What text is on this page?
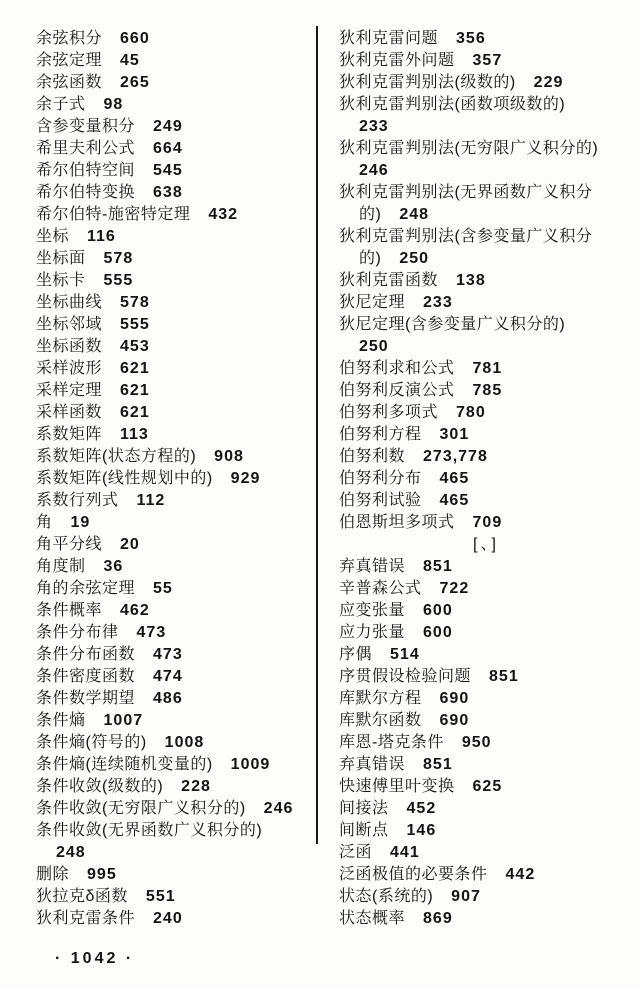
余弦积分 660
余弦定理 45
余弦函数 265
余子式 98
含参变量积分 249
希里夫利公式 664
希尔伯特空间 545
希尔伯特变换 638
希尔伯特-施密特定理 432
坐标 116
坐标面 578
坐标卡 555
坐标曲线 578
坐标邻域 555
坐标函数 453
采样波形 621
采样定理 621
采样函数 621
系数矩阵 113
系数矩阵(状态方程的) 908
系数矩阵(线性规划中的) 929
系数行列式 112
角 19
角平分线 20
角度制 36
角的余弦定理 55
条件概率 462
条件分布律 473
条件分布函数 473
条件密度函数 474
条件数学期望 486
条件熵 1007
条件熵(符号的) 1008
条件熵(连续随机变量的) 1009
条件收敛(级数的) 228
条件收敛(无穷限广义积分的) 246
条件收敛(无界函数广义积分的)
248
删除 995
狄拉克δ函数 551
狄利克雷条件 240
狄利克雷问题 356
狄利克雷外问题 357
狄利克雷判别法(级数的) 229
狄利克雷判别法(函数项级数的)
233
狄利克雷判别法(无穷限广义积分的)
246
狄利克雷判别法(无界函数广义积分
的) 248
狄利克雷判别法(含参变量广义积分
的) 250
狄利克雷函数 138
狄尼定理 233
狄尼定理(含参变量广义积分的)
250
伯努利求和公式 781
伯努利反演公式 785
伯努利多项式 780
伯努利方程 301
伯努利数 273,778
伯努利分布 465
伯努利试验 465
伯恩斯坦多项式 709
[、]
弃真错误 851
辛普森公式 722
应变张量 600
应力张量 600
序偶 514
序贯假设检验问题 851
库默尔方程 690
库默尔函数 690
库恩-塔克条件 950
弃真错误 851
快速傅里叶变换 625
间接法 452
间断点 146
泛函 441
泛函极值的必要条件 442
状态(系统的) 907
状态概率 869
· 1042 ·
